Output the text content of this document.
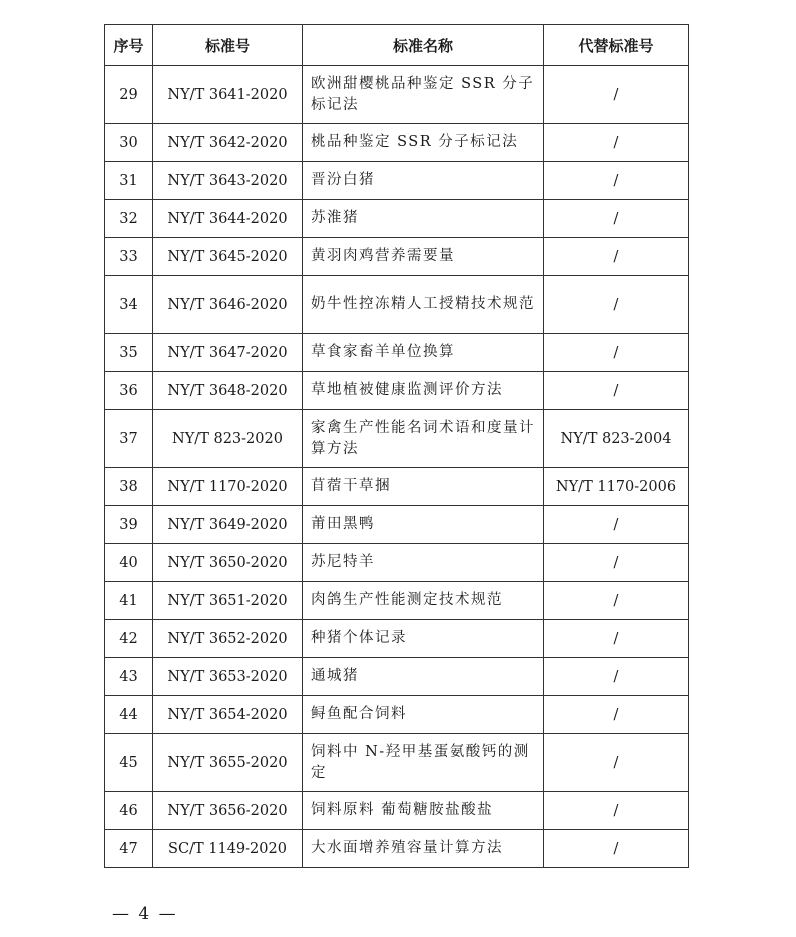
序号	标准号	标准名称	代替标准号
29	NY/T 3641-2020	欧洲甜樱桃品种鉴定 SSR 分子标记法	/
30	NY/T 3642-2020	桃品种鉴定 SSR 分子标记法	/
31	NY/T 3643-2020	晋汾白猪	/
32	NY/T 3644-2020	苏淮猪	/
33	NY/T 3645-2020	黄羽肉鸡营养需要量	/
34	NY/T 3646-2020	奶牛性控冻精人工授精技术规范	/
35	NY/T 3647-2020	草食家畜羊单位换算	/
36	NY/T 3648-2020	草地植被健康监测评价方法	/
37	NY/T 823-2020	家禽生产性能名词术语和度量计算方法	NY/T 823-2004
38	NY/T 1170-2020	苜蓿干草捆	NY/T 1170-2006
39	NY/T 3649-2020	莆田黑鸭	/
40	NY/T 3650-2020	苏尼特羊	/
41	NY/T 3651-2020	肉鸽生产性能测定技术规范	/
42	NY/T 3652-2020	种猪个体记录	/
43	NY/T 3653-2020	通城猪	/
44	NY/T 3654-2020	鲟鱼配合饲料	/
45	NY/T 3655-2020	饲料中 N-羟甲基蛋氨酸钙的测定	/
46	NY/T 3656-2020	饲料原料 葡萄糖胺盐酸盐	/
47	SC/T 1149-2020	大水面增养殖容量计算方法	/
— 4 —
